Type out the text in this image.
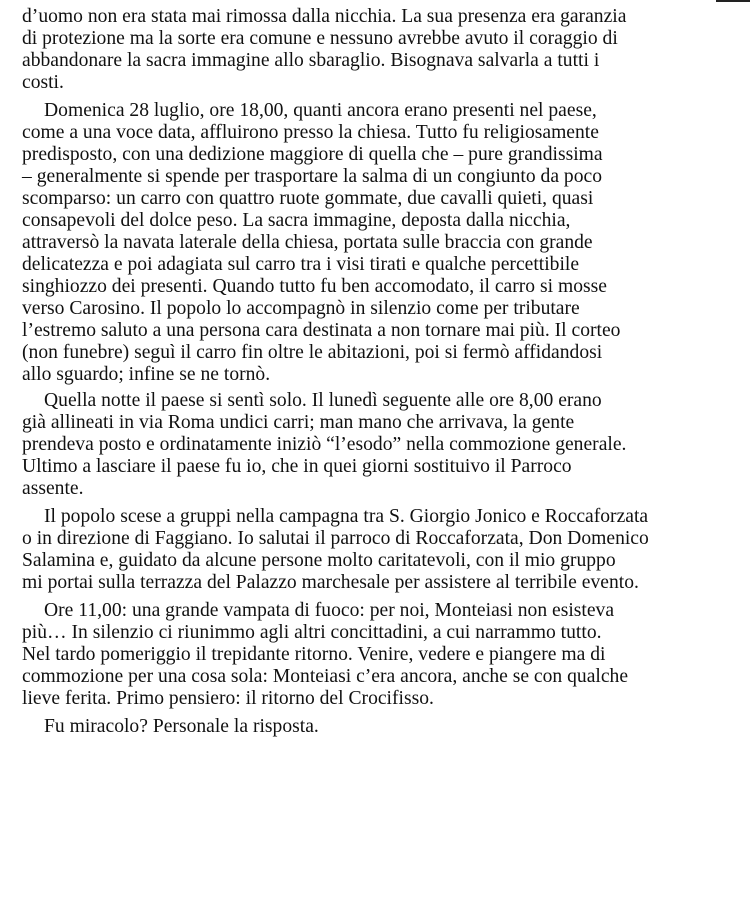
d’uomo non era stata mai rimossa dalla nicchia. La sua presenza era garanzia
di protezione ma la sorte era comune e nessuno avrebbe avuto il coraggio di
abbandonare la sacra immagine allo sbaraglio. Bisognava salvarla a tutti i
costi.
Domenica 28 luglio, ore 18,00, quanti ancora erano presenti nel paese,
come a una voce data, affluirono presso la chiesa. Tutto fu religiosamente
predisposto, con una dedizione maggiore di quella che – pure grandissima
– generalmente si spende per trasportare la salma di un congiunto da poco
scomparso: un carro con quattro ruote gommate, due cavalli quieti, quasi
consapevoli del dolce peso. La sacra immagine, deposta dalla nicchia,
attraversò la navata laterale della chiesa, portata sulle braccia con grande
delicatezza e poi adagiata sul carro tra i visi tirati e qualche percettibile
singhiozzo dei presenti. Quando tutto fu ben accomodato, il carro si mosse
verso Carosino. Il popolo lo accompagnò in silenzio come per tributare
l’estremo saluto a una persona cara destinata a non tornare mai più. Il corteo
(non funebre) seguì il carro fin oltre le abitazioni, poi si fermò affidandosi
allo sguardo; infine se ne tornò.
Quella notte il paese si sentì solo. Il lunedì seguente alle ore 8,00 erano
già allineati in via Roma undici carri; man mano che arrivava, la gente
prendeva posto e ordinatamente iniziò “l’esodo” nella commozione generale.
Ultimo a lasciare il paese fu io, che in quei giorni sostituivo il Parroco
assente.
Il popolo scese a gruppi nella campagna tra S. Giorgio Jonico e Roccaforzata
o in direzione di Faggiano. Io salutai il parroco di Roccaforzata, Don Domenico
Salamina e, guidato da alcune persone molto caritatevoli, con il mio gruppo
mi portai sulla terrazza del Palazzo marchesale per assistere al terribile evento.
Ore 11,00: una grande vampata di fuoco: per noi, Monteiasi non esisteva
più… In silenzio ci riunimmo agli altri concittadini, a cui narrammo tutto.
Nel tardo pomeriggio il trepidante ritorno. Venire, vedere e piangere ma di
commozione per una cosa sola: Monteiasi c’era ancora, anche se con qualche
lieve ferita. Primo pensiero: il ritorno del Crocifisso.
Fu miracolo? Personale la risposta.
